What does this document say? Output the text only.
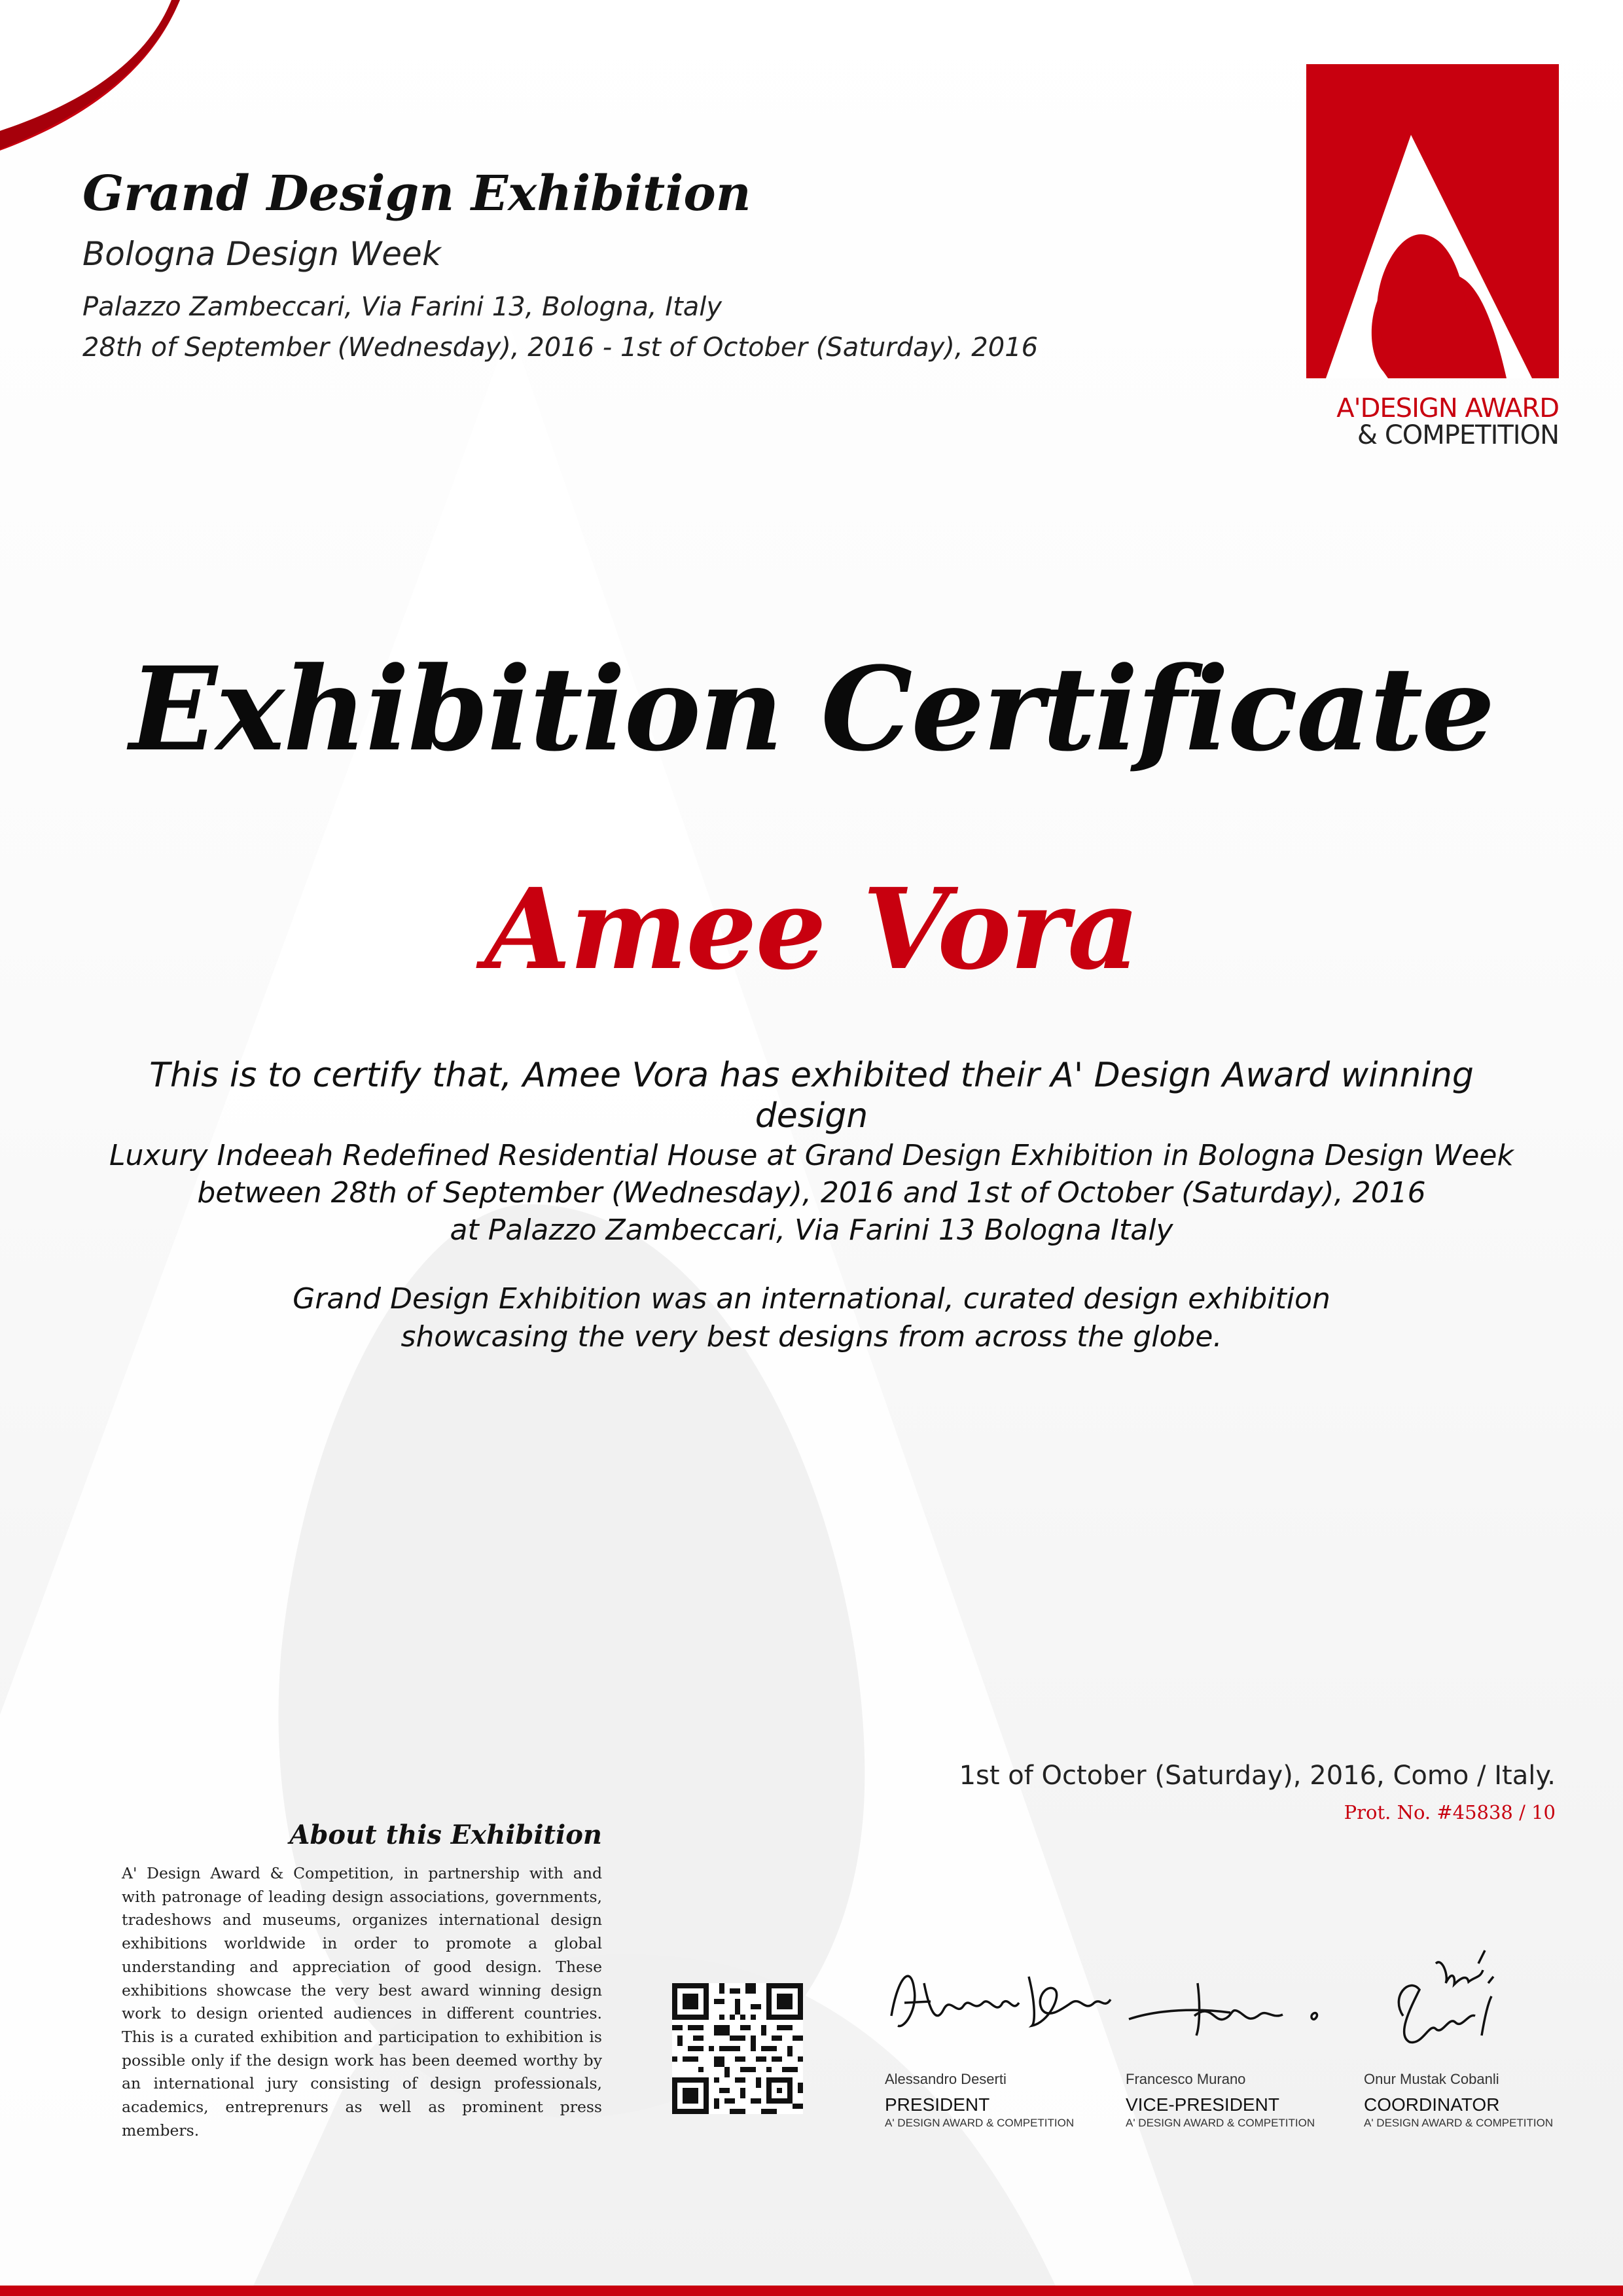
Grand Design Exhibition
Bologna Design Week
Palazzo Zambeccari, Via Farini 13, Bologna, Italy
28th of September (Wednesday), 2016 - 1st of October (Saturday), 2016
A'DESIGN AWARD
& COMPETITION
Exhibition Certificate
Amee Vora
This is to certify that, Amee Vora has exhibited their A' Design Award winning design
Luxury Indeeah Redefined Residential House at Grand Design Exhibition in Bologna Design Week
between 28th of September (Wednesday), 2016 and 1st of October (Saturday), 2016
at Palazzo Zambeccari, Via Farini 13 Bologna Italy
Grand Design Exhibition was an international, curated design exhibition
showcasing the very best designs from across the globe.
1st of October (Saturday), 2016, Como / Italy.
Prot. No. #45838 / 10
About this Exhibition
A' Design Award & Competition, in partnership with and with patronage of leading design associations, governments, tradeshows and museums, organizes international design exhibitions worldwide in order to promote a global understanding and appreciation of good design. These exhibitions showcase the very best award winning design work to design oriented audiences in different countries. This is a curated exhibition and participation to exhibition is possible only if the design work has been deemed worthy by an international jury consisting of design professionals, academics, entreprenurs as well as prominent press members.
Alessandro Deserti
PRESIDENT
A' DESIGN AWARD & COMPETITION
Francesco Murano
VICE-PRESIDENT
A' DESIGN AWARD & COMPETITION
Onur Mustak Cobanli
COORDINATOR
A' DESIGN AWARD & COMPETITION
